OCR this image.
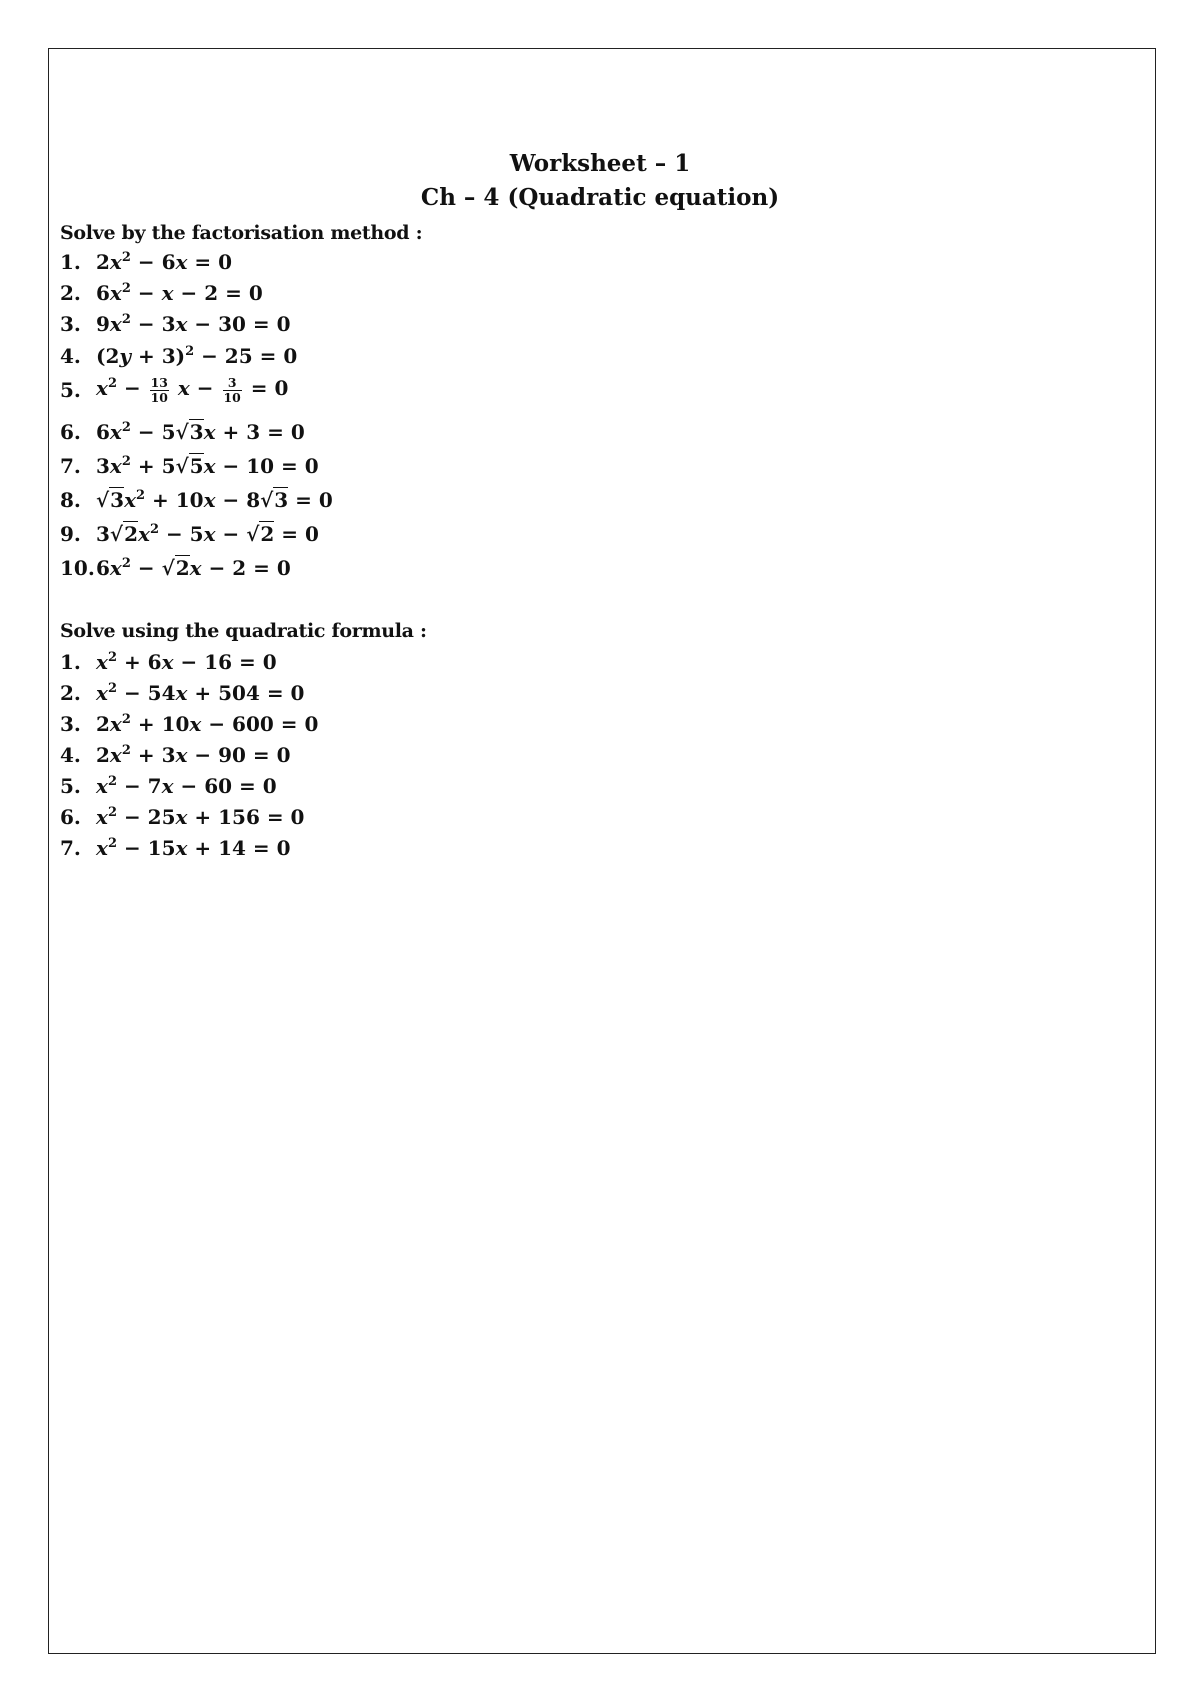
Worksheet – 1
Ch – 4 (Quadratic equation)
Solve by the factorisation method :
1. $2x^2 - 6x = 0$
2. $6x^2 - x - 2 = 0$
3. $9x^2 - 3x - 30 = 0$
4. $(2y + 3)^2 - 25 = 0$
5. $x^2 - \frac{13}{10}$ $x - \frac{3}{10} = 0$
6. $6x^2 - 5√3x + 3 = 0$
7. $3x^2 + 5√5x - 10 = 0$
8. $√3x^2 + 10x - 8√3 = 0$
9. $3√2x^2 - 5x - √2 = 0$
10. $6x^2 - √2x - 2 = 0$
Solve using the quadratic formula :
1. $x^2 + 6x - 16 = 0$
2. $x^2 - 54x + 504 = 0$
3. $2x^2 + 10x - 600 = 0$
4. $2x^2 + 3x - 90 = 0$
5. $x^2 - 7x - 60 = 0$
6. $x^2 - 25x + 156 = 0$
7. $x^2 - 15x + 14 = 0$
